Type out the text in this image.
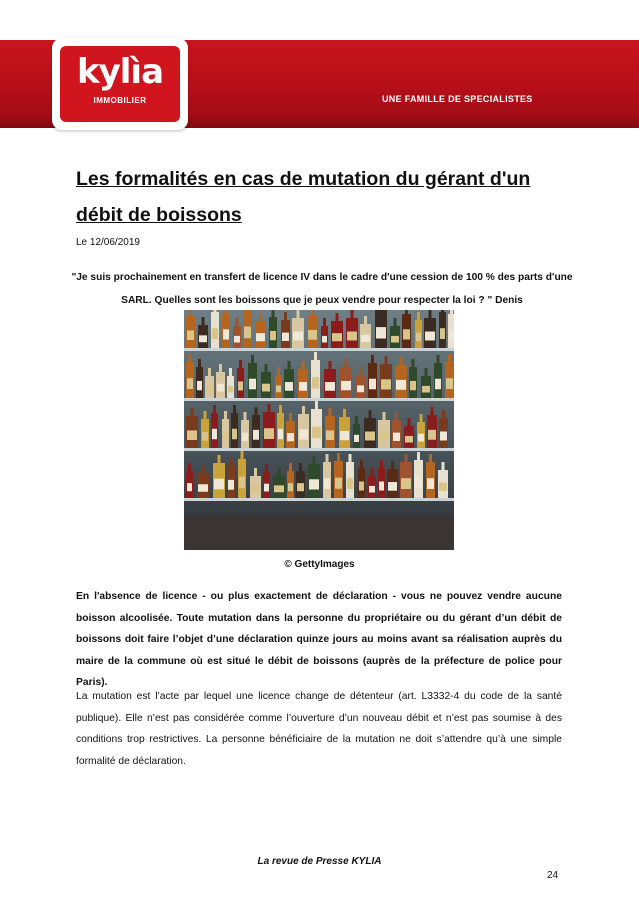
kylìa
IMMOBILIER	UNE FAMILLE DE SPECIALISTES
Les formalités en cas de mutation du gérant d'un débit de boissons
Le 12/06/2019
"Je suis prochainement en transfert de licence IV dans le cadre d'une cession de 100 % des parts d'une SARL. Quelles sont les boissons que je peux vendre pour respecter la loi ? " Denis
© GettyImages
En l'absence de licence - ou plus exactement de déclaration - vous ne pouvez vendre aucune boisson alcoolisée. Toute mutation dans la personne du propriétaire ou du gérant d’un débit de boissons doit faire l’objet d’une déclaration quinze jours au moins avant sa réalisation auprès du maire de la commune où est situé le débit de boissons (auprès de la préfecture de police pour Paris).
La mutation est l’acte par lequel une licence change de détenteur (art. L3332-4 du code de la santé publique). Elle n’est pas considérée comme l’ouverture d’un nouveau débit et n’est pas soumise à des conditions trop restrictives. La personne bénéficiaire de la mutation ne doit s’attendre qu’à une simple formalité de déclaration.
La revue de Presse KYLIA
24
